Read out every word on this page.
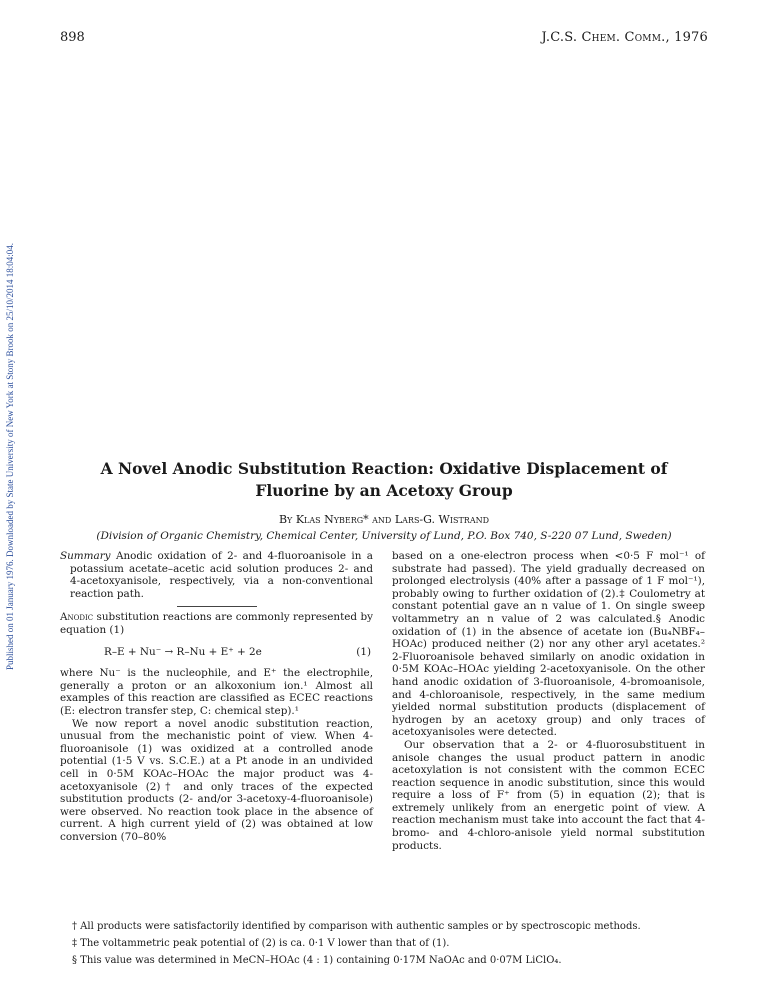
898	J.C.S. Chem. Comm., 1976
Published on 01 January 1976. Downloaded by State University of New York at Stony Brook on 25/10/2014 18:04:04.	A Novel Anodic Substitution Reaction: Oxidative Displacement of
Fluorine by an Acetoxy Group
By Klas Nyberg* and Lars-G. Wistrand
(Division of Organic Chemistry, Chemical Center, University of Lund, P.O. Box 740, S-220 07 Lund, Sweden)

Summary Anodic oxidation of 2- and 4-fluoroanisole in a potassium acetate–acetic acid solution produces 2- and 4-acetoxyanisole, respectively, via a non-conventional reaction path.

Anodic substitution reactions are commonly represented by equation (1)

R–E + Nu⁻ → R–Nu + E⁺ + 2e	(1)

where Nu⁻ is the nucleophile, and E⁺ the electrophile, generally a proton or an alkoxonium ion.¹ Almost all examples of this reaction are classified as ECEC reactions (E: electron transfer step, C: chemical step).¹

We now report a novel anodic substitution reaction, unusual from the mechanistic point of view. When 4-fluoroanisole (1) was oxidized at a controlled anode potential (1·5 V vs. S.C.E.) at a Pt anode in an undivided cell in 0·5M KOAc–HOAc the major product was 4-acetoxyanisole (2)† and only traces of the expected substitution products (2- and/or 3-acetoxy-4-fluoroanisole) were observed. No reaction took place in the absence of current. A high current yield of (2) was obtained at low conversion (70–80%

based on a one-electron process when <0·5 F mol⁻¹ of substrate had passed). The yield gradually decreased on prolonged electrolysis (40% after a passage of 1 F mol⁻¹), probably owing to further oxidation of (2).‡ Coulometry at constant potential gave an n value of 1. On single sweep voltammetry an n value of 2 was calculated.§ Anodic oxidation of (1) in the absence of acetate ion (Bu₄NBF₄–HOAc) produced neither (2) nor any other aryl acetates.² 2-Fluoroanisole behaved similarly on anodic oxidation in 0·5M KOAc–HOAc yielding 2-acetoxyanisole. On the other hand anodic oxidation of 3-fluoroanisole, 4-bromoanisole, and 4-chloroanisole, respectively, in the same medium yielded normal substitution products (displacement of hydrogen by an acetoxy group) and only traces of acetoxyanisoles were detected.

Our observation that a 2- or 4-fluorosubstituent in anisole changes the usual product pattern in anodic acetoxylation is not consistent with the common ECEC reaction sequence in anodic substitution, since this would require a loss of F⁺ from (5) in equation (2); that is extremely unlikely from an energetic point of view. A reaction mechanism must take into account the fact that 4-bromo- and 4-chloro-anisole yield normal substitution products.

† All products were satisfactorily identified by comparison with authentic samples or by spectroscopic methods.
‡ The voltammetric peak potential of (2) is ca. 0·1 V lower than that of (1).
§ This value was determined in MeCN–HOAc (4 : 1) containing 0·17M NaOAc and 0·07M LiClO₄.
